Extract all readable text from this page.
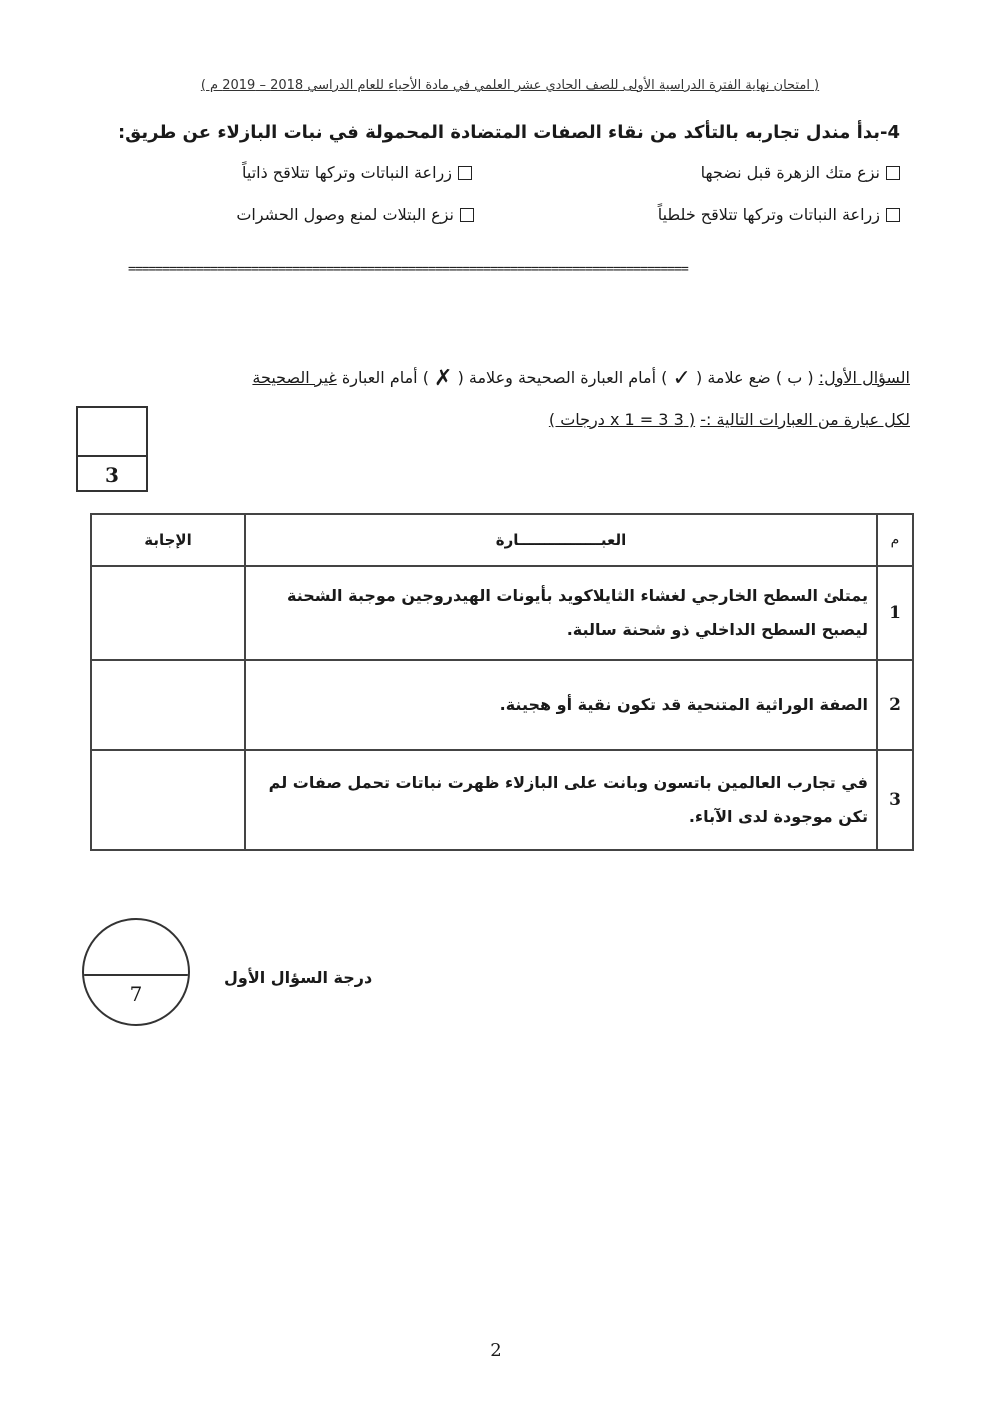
( امتحان نهاية الفترة الدراسية الأولى للصف الحادي عشر العلمي في مادة الأحياء للعام الدراسي 2018 – 2019 م )
4-بدأ مندل تجاربه بالتأكد من نقاء الصفات المتضادة المحمولة في نبات البازلاء عن طريق:
نزع متك الزهرة قبل نضجها
زراعة النباتات وتركها تتلاقح ذاتياً
زراعة النباتات وتركها تتلاقح خلطياً
نزع البتلات لمنع وصول الحشرات
==================================================================================
السؤال الأول: ( ب ) ضع علامة ( ✓ ) أمام العبارة الصحيحة وعلامة ( ✗ ) أمام العبارة غير الصحيحة
لكل عبارة من العبارات التالية :- ( 3 x 1 = 3 درجات )
3
م	العبــــــــــــــــارة	الإجابة
1	يمتلئ السطح الخارجي لغشاء الثايلاكويد بأيونات الهيدروجين موجبة الشحنة ليصبح السطح الداخلي ذو شحنة سالبة.	
2	الصفة الوراثية المتنحية قد تكون نقية أو هجينة.	
3	في تجارب العالمين باتسون وبانت على البازلاء ظهرت نباتات تحمل صفات لم تكن موجودة لدى الآباء.	
7
درجة السؤال الأول
2
